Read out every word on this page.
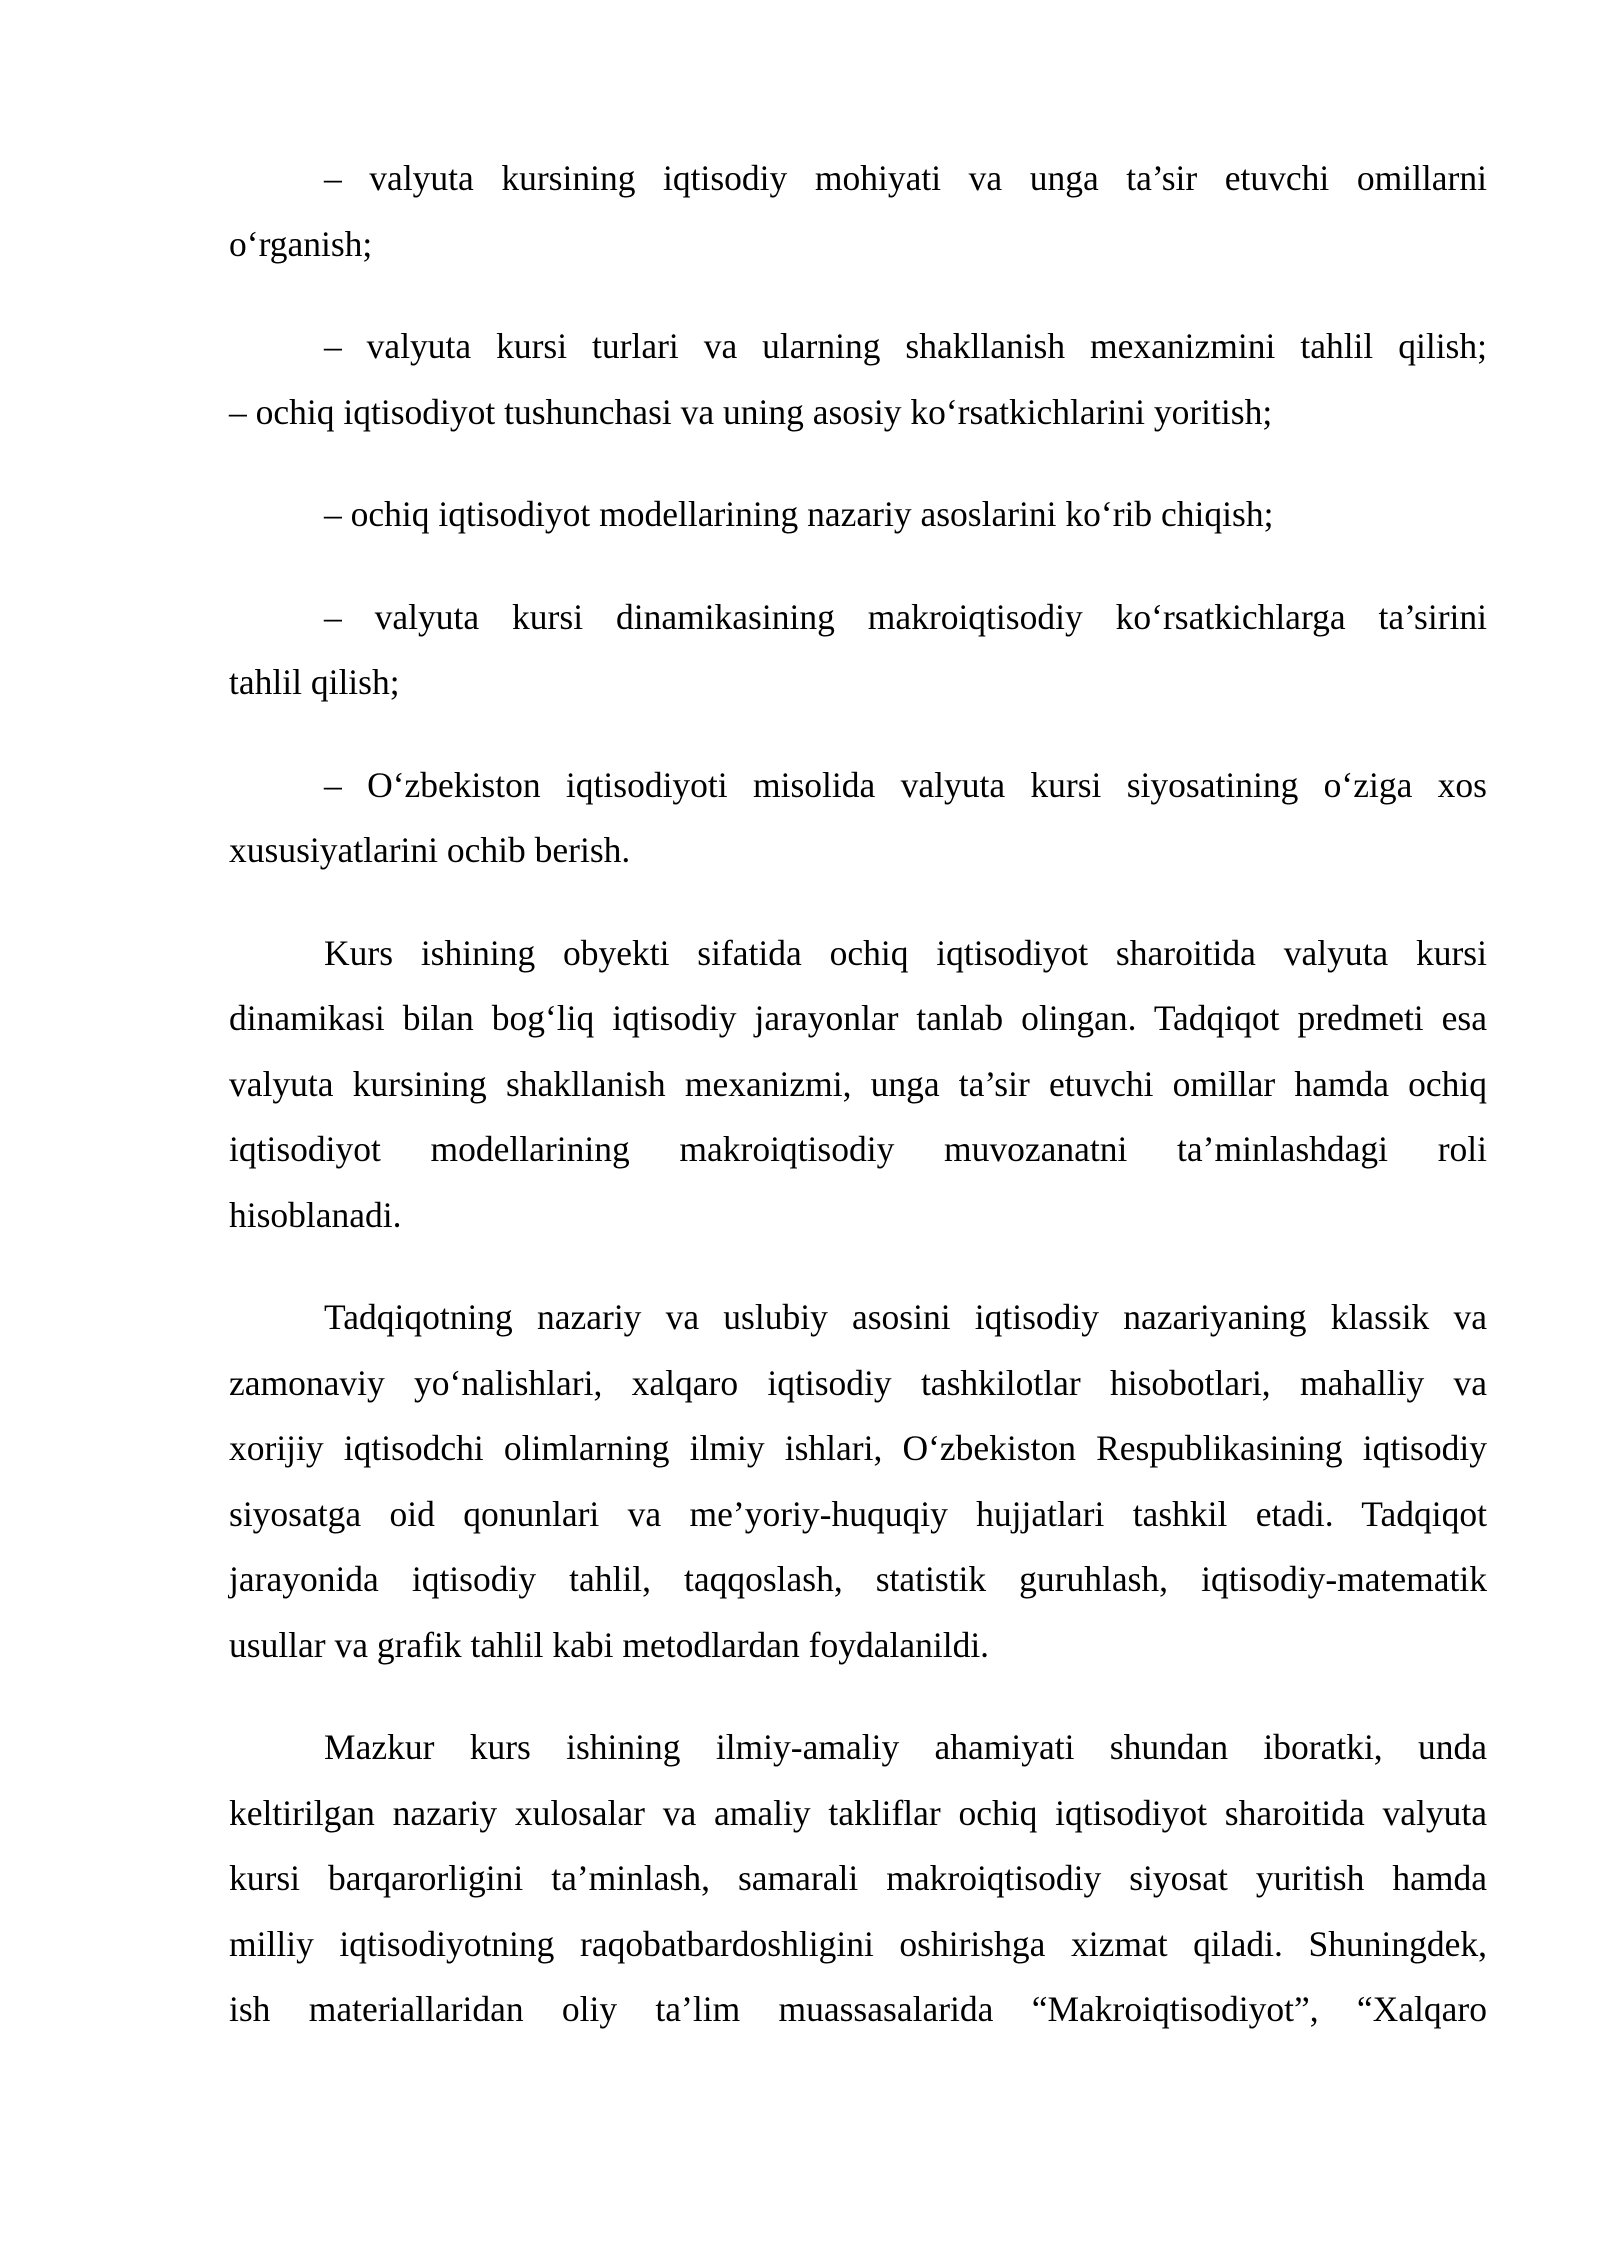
– valyuta kursining iqtisodiy mohiyati va unga ta’sir etuvchi omillarni
o‘rganish;
– valyuta kursi turlari va ularning shakllanish mexanizmini tahlil qilish;
– ochiq iqtisodiyot tushunchasi va uning asosiy ko‘rsatkichlarini yoritish;
– ochiq iqtisodiyot modellarining nazariy asoslarini ko‘rib chiqish;
– valyuta kursi dinamikasining makroiqtisodiy ko‘rsatkichlarga ta’sirini
tahlil qilish;
– O‘zbekiston iqtisodiyoti misolida valyuta kursi siyosatining o‘ziga xos
xususiyatlarini ochib berish.
Kurs ishining obyekti sifatida ochiq iqtisodiyot sharoitida valyuta kursi
dinamikasi bilan bog‘liq iqtisodiy jarayonlar tanlab olingan. Tadqiqot predmeti esa
valyuta kursining shakllanish mexanizmi, unga ta’sir etuvchi omillar hamda ochiq
iqtisodiyot modellarining makroiqtisodiy muvozanatni ta’minlashdagi roli
hisoblanadi.
Tadqiqotning nazariy va uslubiy asosini iqtisodiy nazariyaning klassik va
zamonaviy yo‘nalishlari, xalqaro iqtisodiy tashkilotlar hisobotlari, mahalliy va
xorijiy iqtisodchi olimlarning ilmiy ishlari, O‘zbekiston Respublikasining iqtisodiy
siyosatga oid qonunlari va me’yoriy-huquqiy hujjatlari tashkil etadi. Tadqiqot
jarayonida iqtisodiy tahlil, taqqoslash, statistik guruhlash, iqtisodiy-matematik
usullar va grafik tahlil kabi metodlardan foydalanildi.
Mazkur kurs ishining ilmiy-amaliy ahamiyati shundan iboratki, unda
keltirilgan nazariy xulosalar va amaliy takliflar ochiq iqtisodiyot sharoitida valyuta
kursi barqarorligini ta’minlash, samarali makroiqtisodiy siyosat yuritish hamda
milliy iqtisodiyotning raqobatbardoshligini oshirishga xizmat qiladi. Shuningdek,
ish materiallaridan oliy ta’lim muassasalarida “Makroiqtisodiyot”, “Xalqaro
